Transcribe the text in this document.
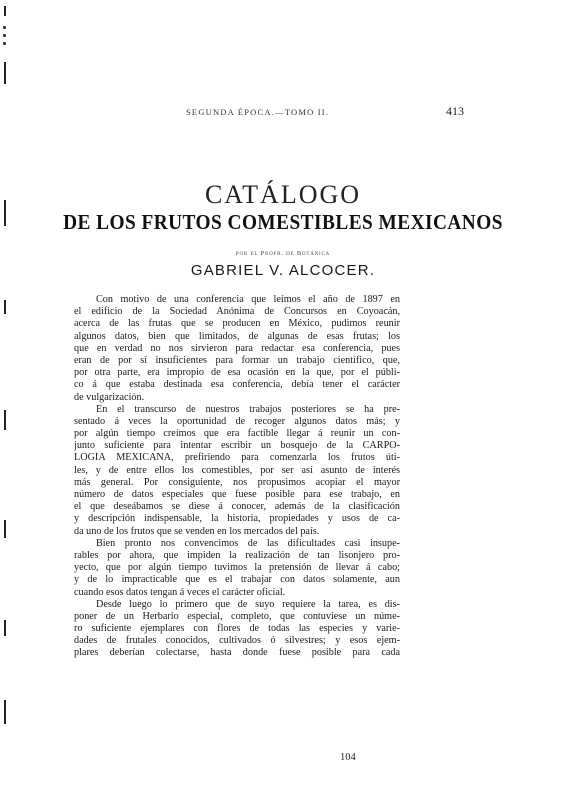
SEGUNDA ÉPOCA.—TOMO II.	413
CATÁLOGO
DE LOS FRUTOS COMESTIBLES MEXICANOS
por el Profr. de Botánica
GABRIEL V. ALCOCER.
Con motivo de una conferencia que leímos el año de 1897 en
el edificio de la Sociedad Anónima de Concursos en Coyoacán,
acerca de las frutas que se producen en México, pudimos reunir
algunos datos, bien que limitados, de algunas de esas frutas; los
que en verdad no nos sirvieron para redactar esa conferencia, pues
eran de por sí insuficientes para formar un trabajo científico, que,
por otra parte, era impropio de esa ocasión en la que, por el públi-
co á que estaba destinada esa conferencia, debía tener el carácter
de vulgarización.
En el transcurso de nuestros trabajos posteriores se ha pre-
sentado á veces la oportunidad de recoger algunos datos más; y
por algún tiempo creímos que era factible llegar á reunir un con-
junto suficiente para intentar escribir un bosquejo de la CARPO-
LOGÍA MEXICANA, prefiriendo para comenzarla los frutos úti-
les, y de entre ellos los comestibles, por ser así asunto de interés
más general. Por consiguiente, nos propusimos acopiar el mayor
número de datos especiales que fuese posible para ese trabajo, en
el que deseábamos se diese á conocer, además de la clasificación
y descripción indispensable, la historia, propiedades y usos de ca-
da uno de los frutos que se venden en los mercados del país.
Bien pronto nos convencimos de las dificultades casi insupe-
rables por ahora, que impiden la realización de tan lisonjero pro-
yecto, que por algún tiempo tuvimos la pretensión de llevar á cabo;
y de lo impracticable que es el trabajar con datos solamente, aun
cuando esos datos tengan á veces el carácter oficial.
Desde luego lo primero que de suyo requiere la tarea, es dis-
poner de un Herbario especial, completo, que contuviese un núme-
ro suficiente ejemplares con flores de todas las especies y varie-
dades de frutales conocidos, cultivados ó silvestres; y esos ejem-
plares deberían colectarse, hasta donde fuese posible para cada
104
